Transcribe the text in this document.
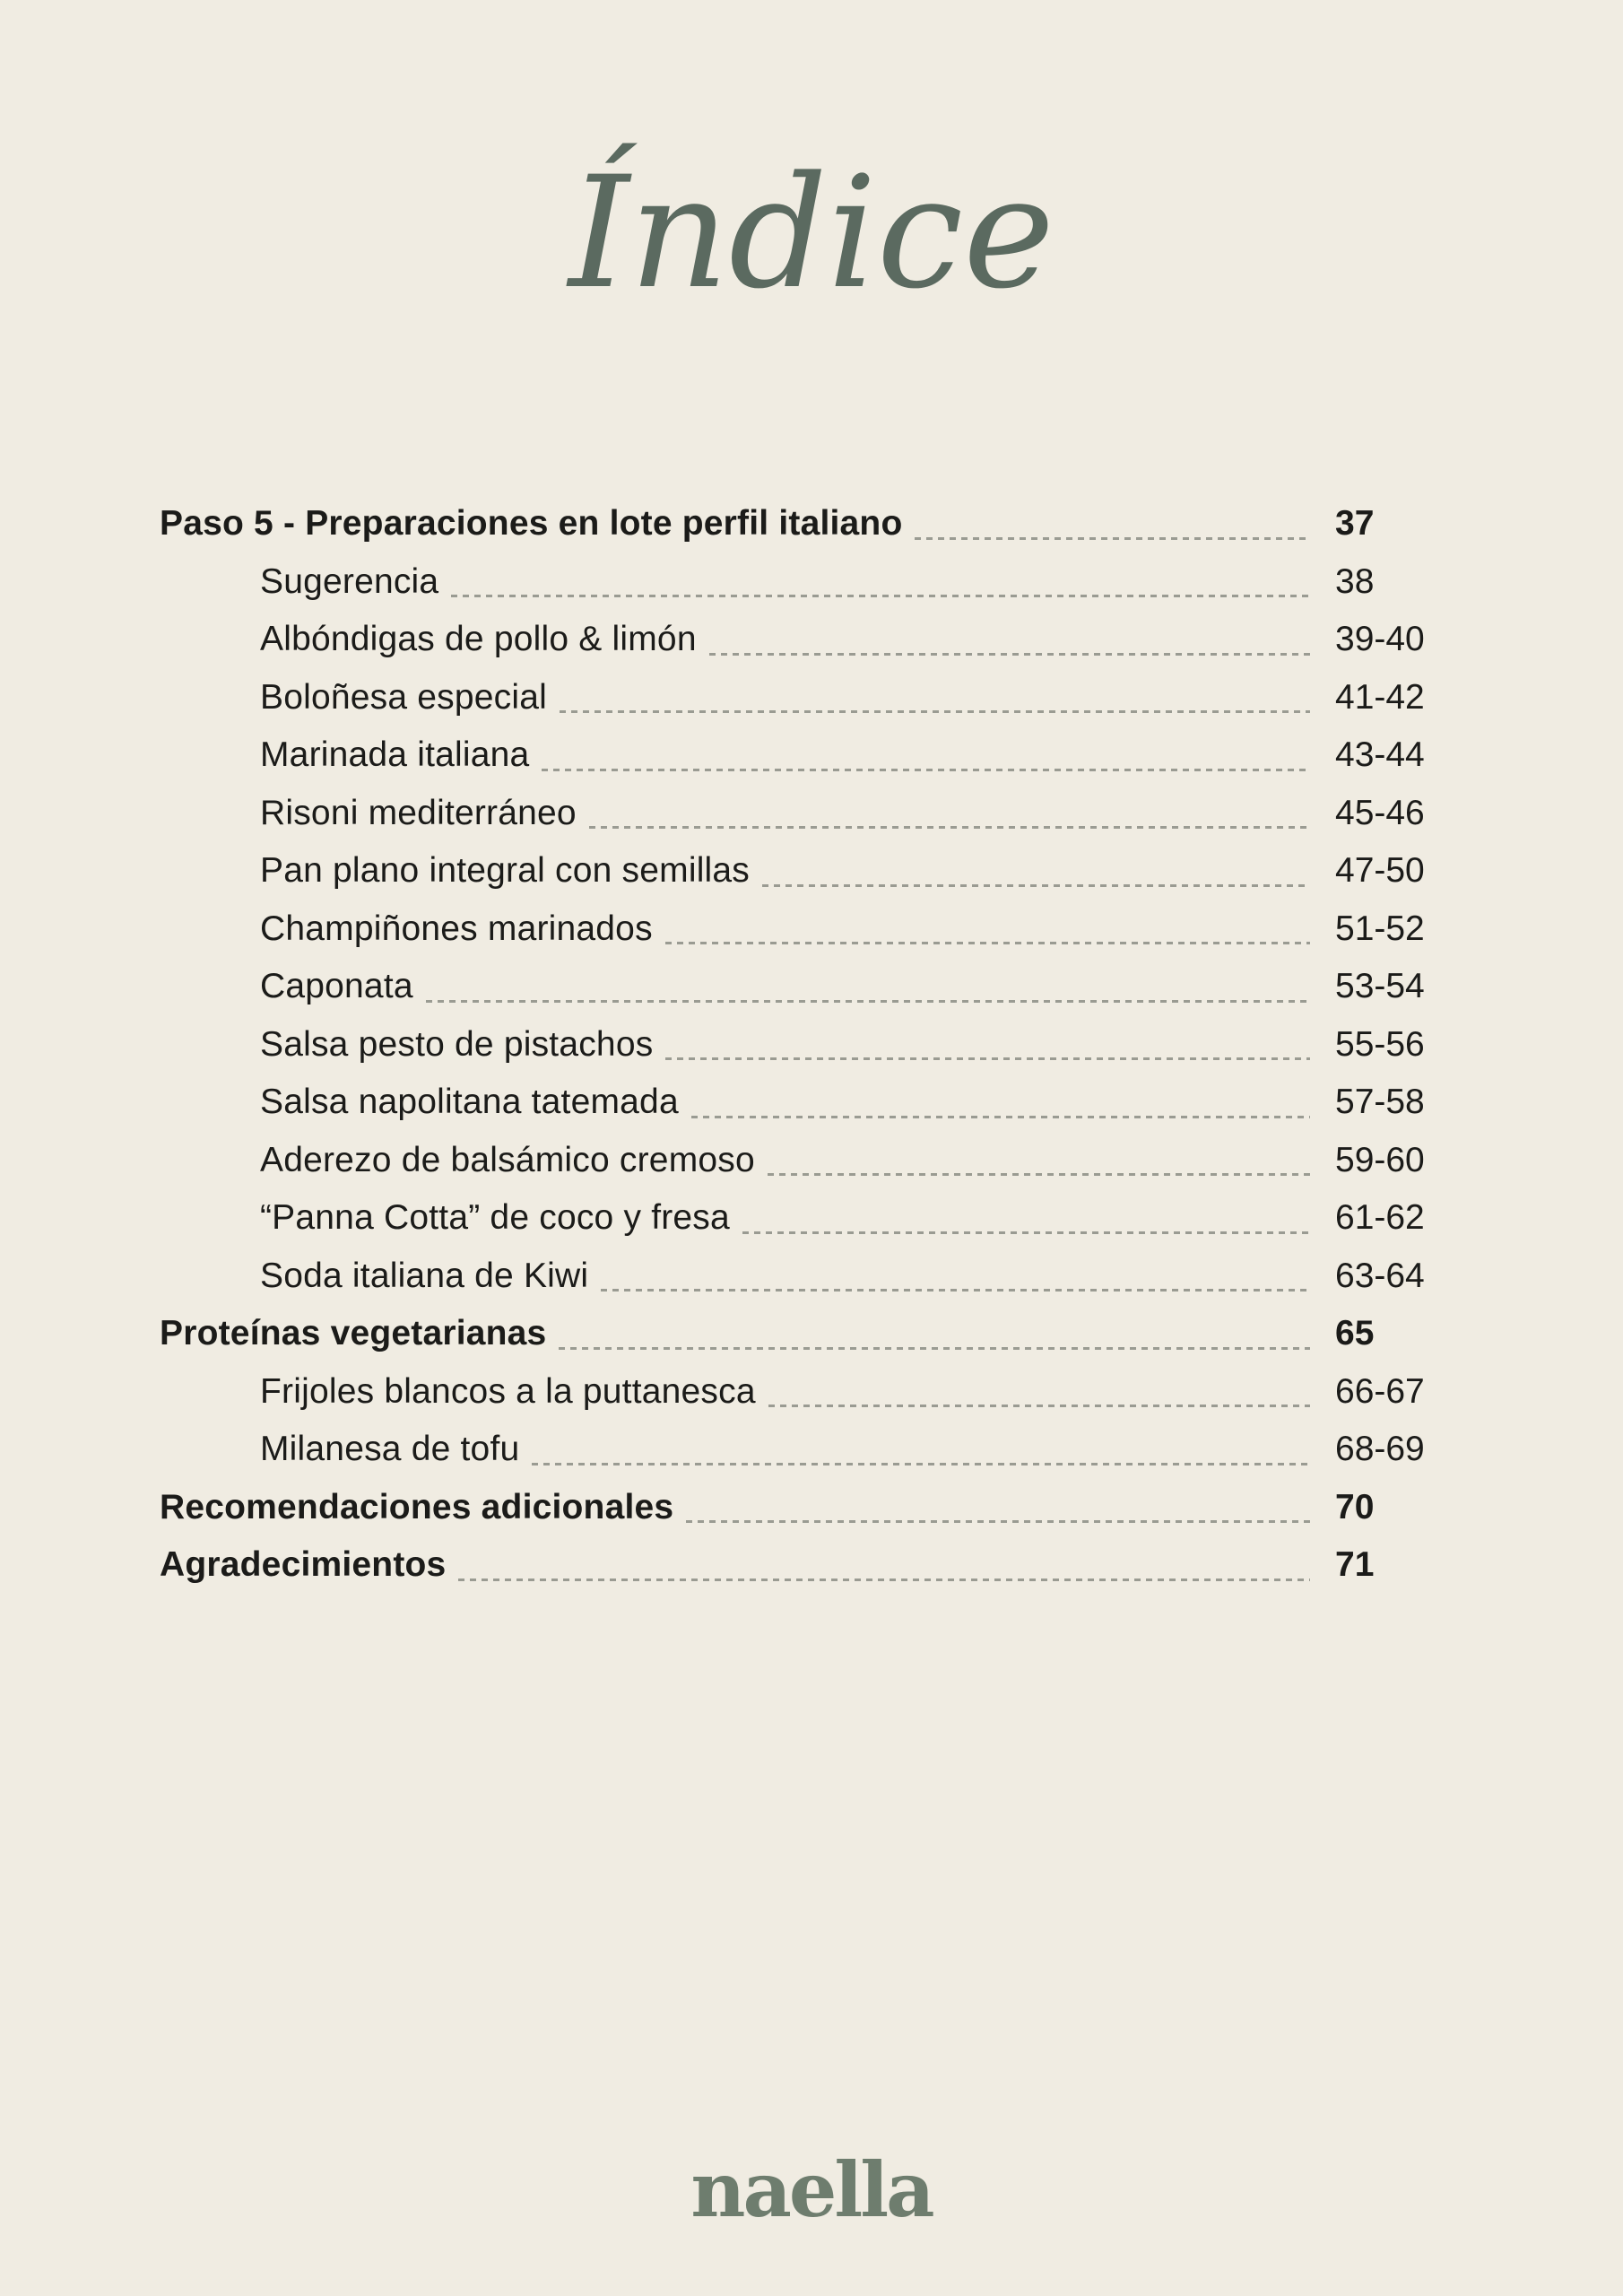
Índice
Paso 5 - Preparaciones en lote perfil italiano	37
Sugerencia	38
Albóndigas de pollo & limón	39-40
Boloñesa especial	41-42
Marinada italiana	43-44
Risoni mediterráneo	45-46
Pan plano integral con semillas	47-50
Champiñones marinados	51-52
Caponata	53-54
Salsa pesto de pistachos	55-56
Salsa napolitana tatemada	57-58
Aderezo de balsámico cremoso	59-60
“Panna Cotta” de coco y fresa	61-62
Soda italiana de Kiwi	63-64
Proteínas vegetarianas	65
Frijoles blancos a la puttanesca	66-67
Milanesa de tofu	68-69
Recomendaciones adicionales	70
Agradecimientos	71
naella
